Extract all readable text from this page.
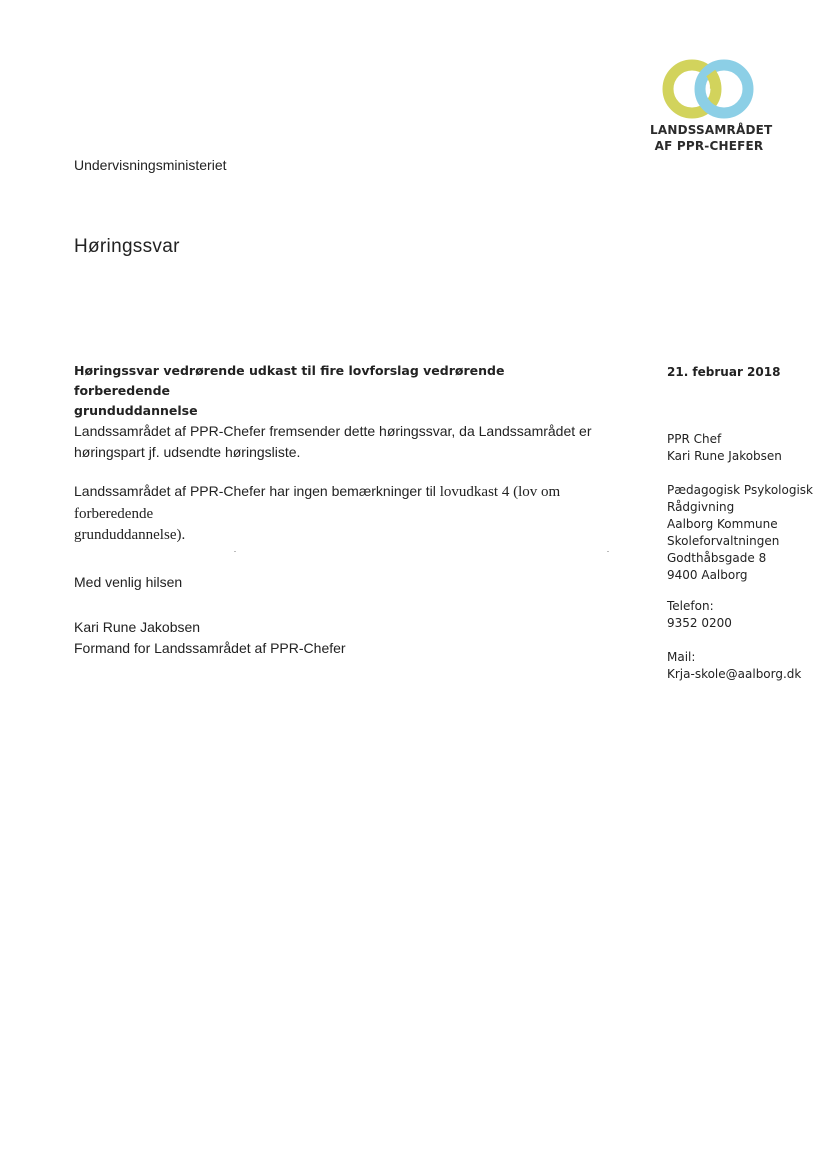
LANDSSAMRÅDET
AF PPR-CHEFER
Undervisningsministeriet
Høringssvar
Høringssvar vedrørende udkast til fire lovforslag vedrørende forberedende
grunduddannelse
Landssamrådet af PPR-Chefer fremsender dette høringssvar, da Landssamrådet er
høringspart jf. udsendte høringsliste.
Landssamrådet af PPR-Chefer har ingen bemærkninger til lovudkast 4 (lov om forberedende
grunduddannelse).
Med venlig hilsen
Kari Rune Jakobsen
Formand for Landssamrådet af PPR-Chefer
21. februar 2018
PPR Chef
Kari Rune Jakobsen
Pædagogisk Psykologisk
Rådgivning
Aalborg Kommune
Skoleforvaltningen
Godthåbsgade 8
9400 Aalborg
Telefon:
9352 0200
Mail:
Krja-skole@aalborg.dk
